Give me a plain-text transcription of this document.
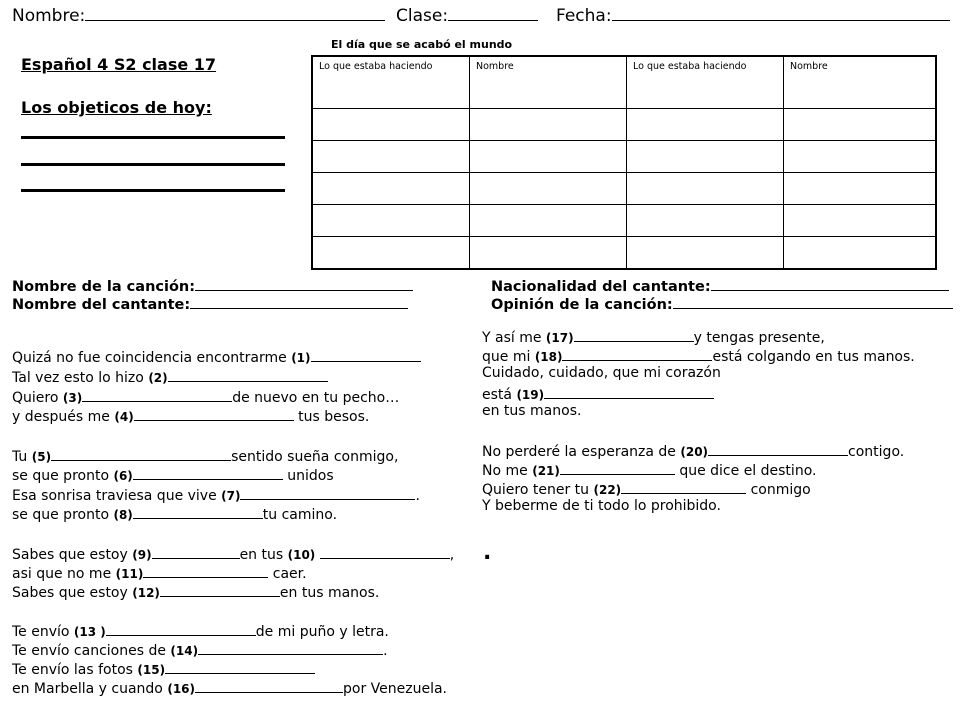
Nombre:	Clase:	Fecha:
Español 4 S2 clase 17
Los objeticos de hoy:
El día que se acabó el mundo
Lo que estaba haciendo	Nombre	Lo que estaba haciendo	Nombre

Nombre de la canción:
Nombre del cantante:
Nacionalidad del cantante:
Opinión de la canción:
Quizá no fue coincidencia encontrarme (1)
Tal vez esto lo hizo (2)
Quiero (3)	de nuevo en tu pecho…
y después me (4)	tus besos.
Tu (5)	sentido sueña conmigo,
se que pronto (6)	unidos
Esa sonrisa traviesa que vive (7)	.
se que pronto (8)	tu camino.
Sabes que estoy (9)	en tus (10)	,
asi que no me (11)	caer.
Sabes que estoy (12)	en tus manos.
Te envío (13 )	de mi puño y letra.
Te envío canciones de (14)	.
Te envío las fotos (15)
en Marbella y cuando (16)	por Venezuela.
Y así me (17)	y tengas presente,
que mi (18)	está colgando en tus manos.
Cuidado, cuidado, que mi corazón
está (19)
en tus manos.
No perderé la esperanza de (20)	contigo.
No me (21)	que dice el destino.
Quiero tener tu (22)	conmigo
Y beberme de ti todo lo prohibido.
.
